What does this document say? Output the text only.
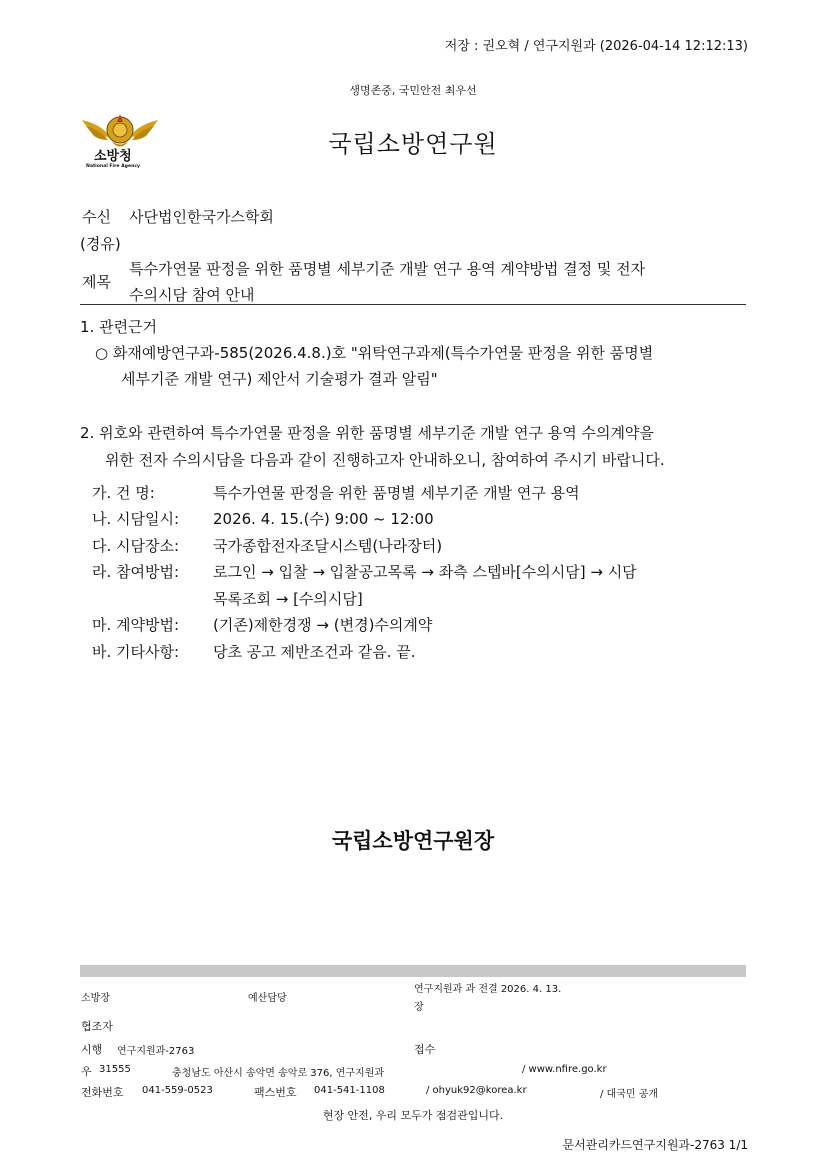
저장 : 권오혁 / 연구지원과 (2026-04-14 12:12:13)
생명존중, 국민안전 최우선
소방청
National Fire Agency
국립소방연구원
수신 사단법인한국가스학회
(경유)
제목
특수가연물 판정을 위한 품명별 세부기준 개발 연구 용역 계약방법 결정 및 전자
수의시담 참여 안내
1. 관련근거
○ 화재예방연구과-585(2026.4.8.)호 "위탁연구과제(특수가연물 판정을 위한 품명별
세부기준 개발 연구) 제안서 기술평가 결과 알림"
2. 위호와 관련하여 특수가연물 판정을 위한 품명별 세부기준 개발 연구 용역 수의계약을
위한 전자 수의시담을 다음과 같이 진행하고자 안내하오니, 참여하여 주시기 바랍니다.
가. 건 명:	특수가연물 판정을 위한 품명별 세부기준 개발 연구 용역
나. 시담일시: 2026. 4. 15.(수) 9:00 ~ 12:00
다. 시담장소: 국가종합전자조달시스템(나라장터)
라. 참여방법: 로그인 → 입찰 → 입찰공고목록 → 좌측 스텝바[수의시담] → 시담
목록조회 → [수의시담]
마. 계약방법: (기존)제한경쟁 → (변경)수의계약
바. 기타사항: 당초 공고 제반조건과 같음. 끝.
국립소방연구원장
소방장	예산담당
연구지원과 과 전결 2026. 4. 13.
장
협조자
시행 연구지원과-2763	접수
우 31555	충청남도 아산시 송악면 송악로 376, 연구지원과	/ www.nfire.go.kr
전화번호 041-559-0523	팩스번호 041-541-1108	/ ohyuk92@korea.kr	/ 대국민 공개
현장 안전, 우리 모두가 점검관입니다.
문서관리카드연구지원과-2763 1/1
